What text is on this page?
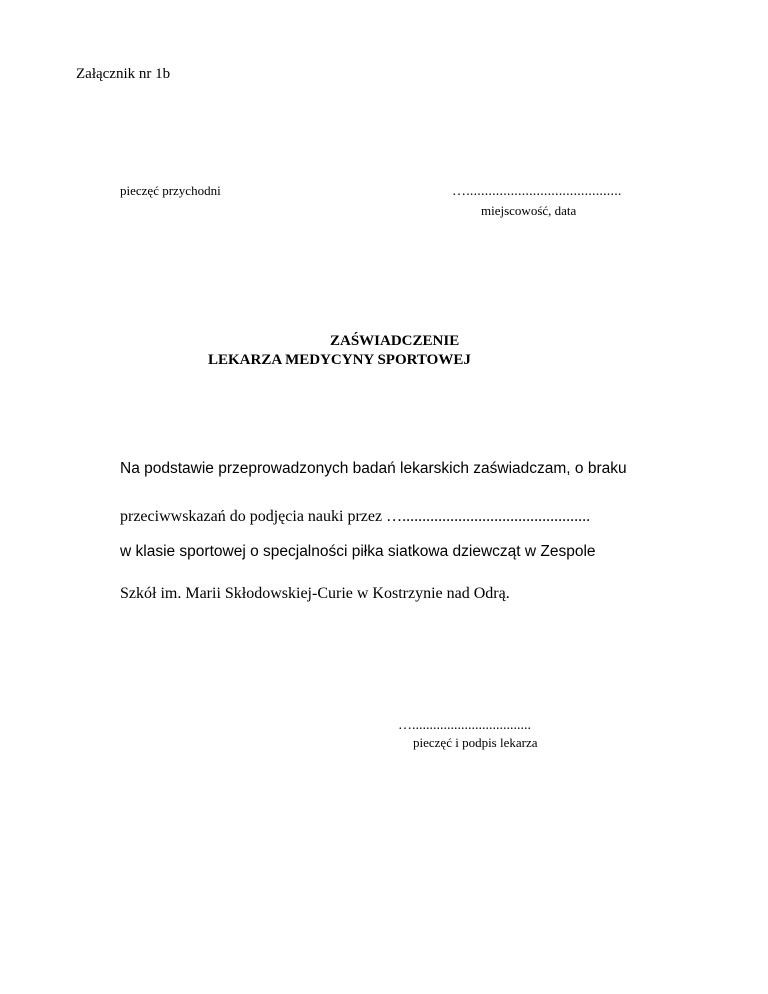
Załącznik nr 1b
pieczęć przychodni	…..........................................
miejscowość, data
ZAŚWIADCZENIE
LEKARZA MEDYCYNY SPORTOWEJ
Na podstawie przeprowadzonych badań lekarskich zaświadczam, o braku
przeciwwskazań do podjęcia nauki przez …...............................................
w klasie sportowej o specjalności piłka siatkowa dziewcząt w Zespole
Szkół im. Marii Skłodowskiej-Curie w Kostrzynie nad Odrą.
…..................................
pieczęć i podpis lekarza
